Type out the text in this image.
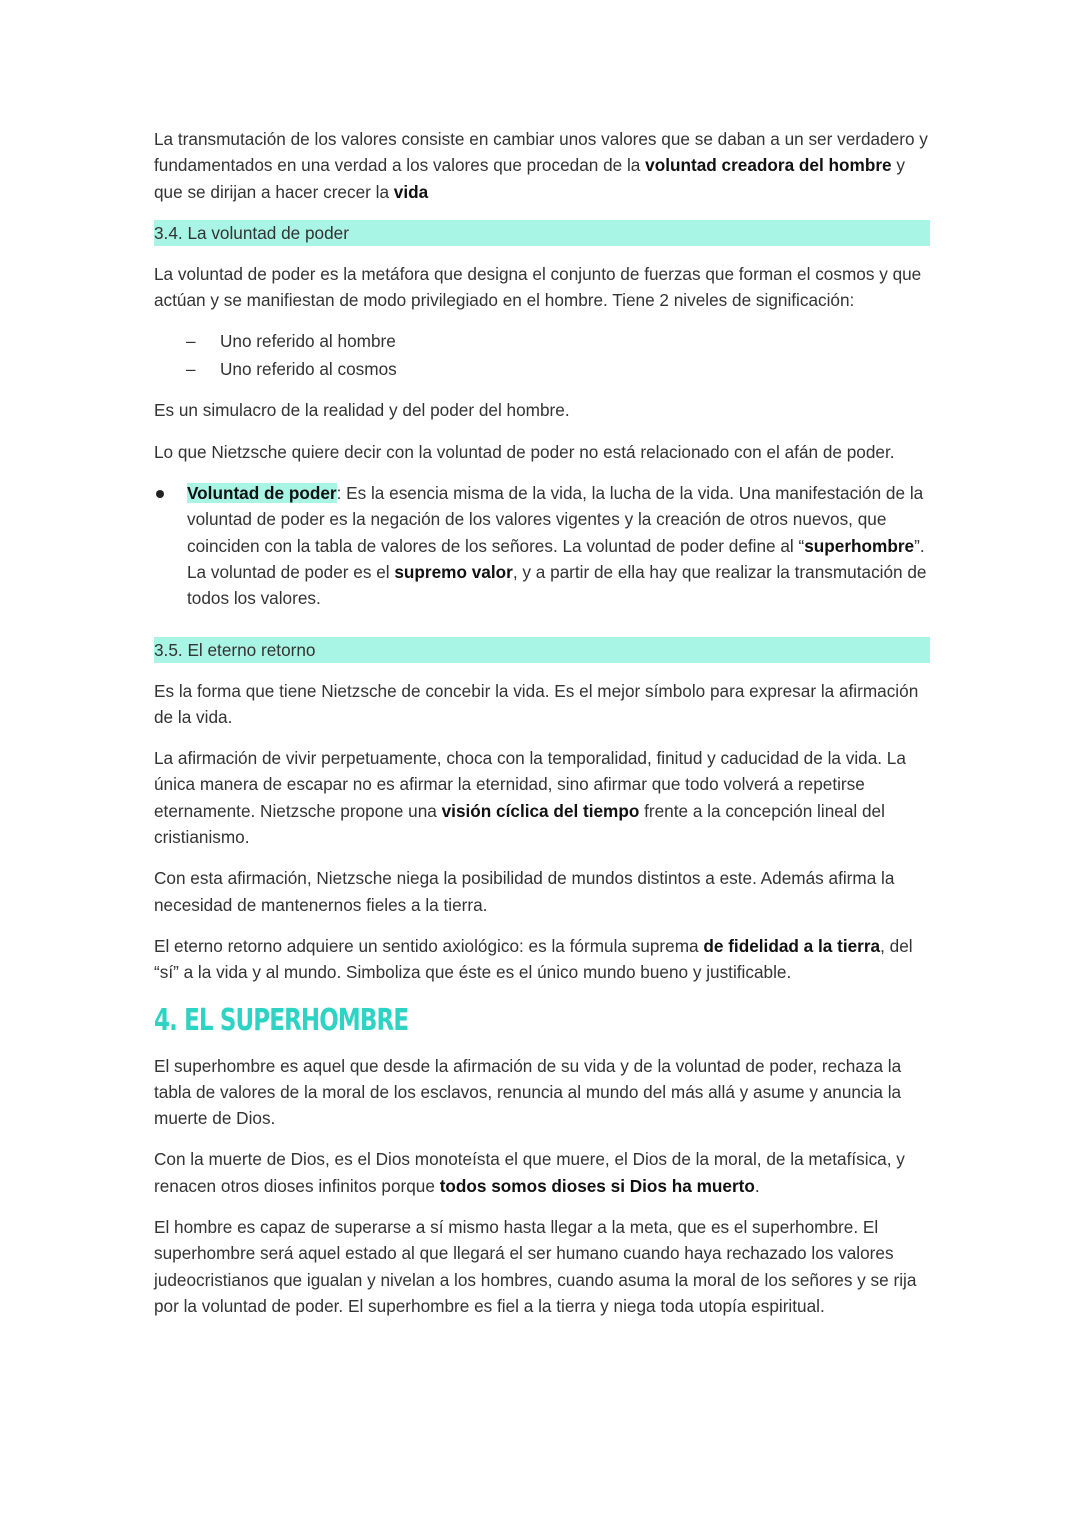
La transmutación de los valores consiste en cambiar unos valores que se daban a un ser verdadero y fundamentados en una verdad a los valores que procedan de la voluntad creadora del hombre y que se dirijan a hacer crecer la vida

3.4. La voluntad de poder

La voluntad de poder es la metáfora que designa el conjunto de fuerzas que forman el cosmos y que actúan y se manifiestan de modo privilegiado en el hombre. Tiene 2 niveles de significación:

– Uno referido al hombre
– Uno referido al cosmos

Es un simulacro de la realidad y del poder del hombre.

Lo que Nietzsche quiere decir con la voluntad de poder no está relacionado con el afán de poder.

Voluntad de poder: Es la esencia misma de la vida, la lucha de la vida. Una manifestación de la voluntad de poder es la negación de los valores vigentes y la creación de otros nuevos, que coinciden con la tabla de valores de los señores. La voluntad de poder define al “superhombre”. La voluntad de poder es el supremo valor, y a partir de ella hay que realizar la transmutación de todos los valores.
3.5. El eterno retorno

Es la forma que tiene Nietzsche de concebir la vida. Es el mejor símbolo para expresar la afirmación de la vida.

La afirmación de vivir perpetuamente, choca con la temporalidad, finitud y caducidad de la vida. La única manera de escapar no es afirmar la eternidad, sino afirmar que todo volverá a repetirse eternamente. Nietzsche propone una visión cíclica del tiempo frente a la concepción lineal del cristianismo.

Con esta afirmación, Nietzsche niega la posibilidad de mundos distintos a este. Además afirma la necesidad de mantenernos fieles a la tierra.

El eterno retorno adquiere un sentido axiológico: es la fórmula suprema de fidelidad a la tierra, del “sí” a la vida y al mundo. Simboliza que éste es el único mundo bueno y justificable.

4. EL SUPERHOMBRE

El superhombre es aquel que desde la afirmación de su vida y de la voluntad de poder, rechaza la tabla de valores de la moral de los esclavos, renuncia al mundo del más allá y asume y anuncia la muerte de Dios.

Con la muerte de Dios, es el Dios monoteísta el que muere, el Dios de la moral, de la metafísica, y renacen otros dioses infinitos porque todos somos dioses si Dios ha muerto.

El hombre es capaz de superarse a sí mismo hasta llegar a la meta, que es el superhombre. El superhombre será aquel estado al que llegará el ser humano cuando haya rechazado los valores judeocristianos que igualan y nivelan a los hombres, cuando asuma la moral de los señores y se rija por la voluntad de poder. El superhombre es fiel a la tierra y niega toda utopía espiritual.
